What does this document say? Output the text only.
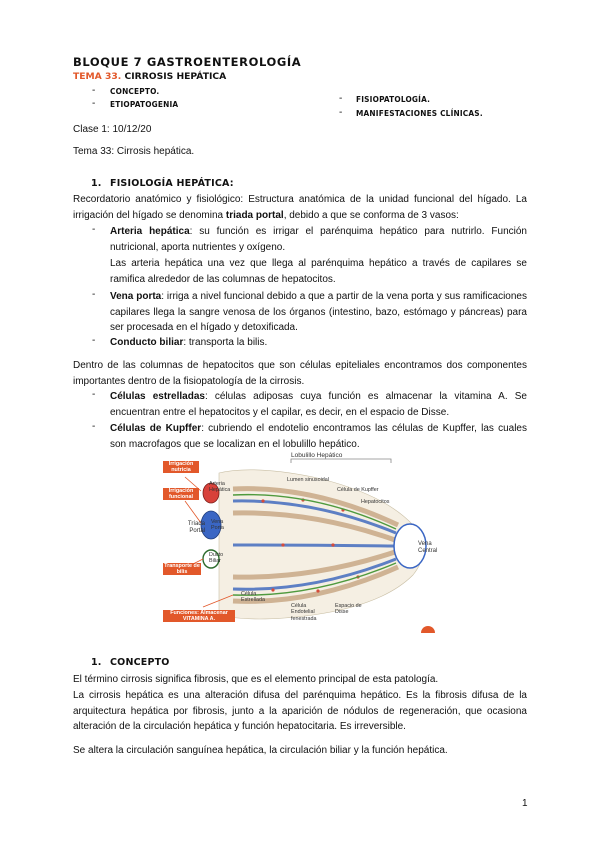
BLOQUE 7 GASTROENTEROLOGÍA
TEMA 33. CIRROSIS HEPÁTICA
- CONCEPTO.
- ETIOPATOGENIA	- FISIOPATOLOGÍA.
- MANIFESTACIONES CLÍNICAS.
Clase 1: 10/12/20
Tema 33: Cirrosis hepática.
1. FISIOLOGÍA HEPÁTICA:

Recordatorio anatómico y fisiológico: Estructura anatómica de la unidad funcional del hígado. La irrigación del hígado se denomina triada portal, debido a que se conforma de 3 vasos:

- Arteria hepática: su función es irrigar el parénquima hepático para nutrirlo. Función nutricional, aporta nutrientes y oxígeno.
Las arteria hepática una vez que llega al parénquima hepático a través de capilares se ramifica alrededor de las columnas de hepatocitos.
- Vena porta: irriga a nivel funcional debido a que a partir de la vena porta y sus ramificaciones capilares llega la sangre venosa de los órganos (intestino, bazo, estómago y páncreas) para ser procesada en el hígado y detoxificada.
- Conducto biliar: transporta la bilis.

Dentro de las columnas de hepatocitos que son células epiteliales encontramos dos componentes importantes dentro de la fisiopatología de la cirrosis.

- Células estrelladas: células adiposas cuya función es almacenar la vitamina A. Se encuentran entre el hepatocitos y el capilar, es decir, en el espacio de Disse.
- Células de Kupffer: cubriendo el endotelio encontramos las células de Kupffer, las cuales son macrofagos que se localizan en el lobulillo hepático.
Lobulillo Hepático
Irrigación nutricia
Irrigación funcional
Transporte de bilis
Funciones: Almacenar VITAMINA A.
Arteria Hepática
Tríada Portal
Vena Porta
Ducto Biliar
Lumen sinusoidal
Célula de Kupffer
Hepatocitos
Vena Central
Célula Estrellada
Célula Endotelial fenestrada
Espacio de Disse
1. CONCEPTO

El término cirrosis significa fibrosis, que es el elemento principal de esta patología.

La cirrosis hepática es una alteración difusa del parénquima hepático. Es la fibrosis difusa de la arquitectura hepática por fibrosis, junto a la aparición de nódulos de regeneración, que ocasiona alteración de la circulación hepática y función hepatocitaria. Es irreversible.

Se altera la circulación sanguínea hepática, la circulación biliar y la función hepática.

1
